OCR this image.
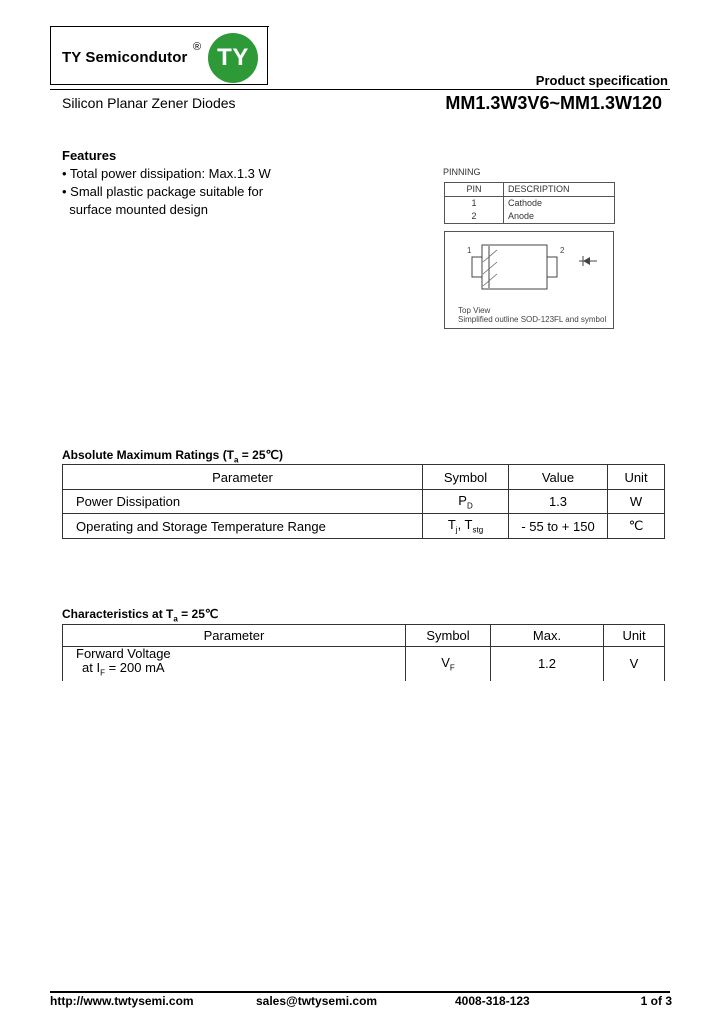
TY Semicondutor
® TY
Product specification
Silicon Planar Zener Diodes	MM1.3W3V6~MM1.3W120
Features
• Total power dissipation: Max.1.3 W
• Small plastic package suitable for
surface mounted design
PINNING
PIN	DESCRIPTION
1	Cathode
2	Anode
1	2
Top View
Simplified outline SOD-123FL and symbol
Absolute Maximum Ratings ($T_a$ = 25℃)
Parameter	Symbol	Value	Unit
Power Dissipation	$P_D$	1.3	W
Operating and Storage Temperature Range	$T_j$, $T_{stg}$	- 55 to + 150	℃
Characteristics at $T_a$ = 25℃
Parameter	Symbol	Max.	Unit

Forward Voltage
at $I_F = 200$ mA	$V_F$	1.2	V
http://www.twtysemi.com	sales@twtysemi.com	4008-318-123	1 of 3
